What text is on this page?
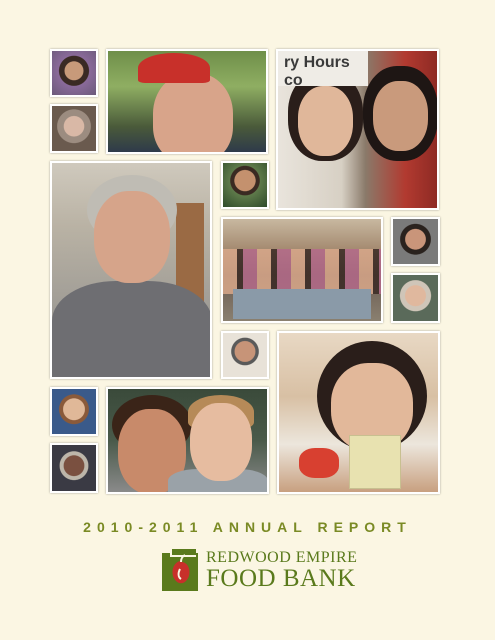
ry Hours
co
2010-2011 ANNUAL REPORT
REDWOOD EMPIRE
FOOD BANK
